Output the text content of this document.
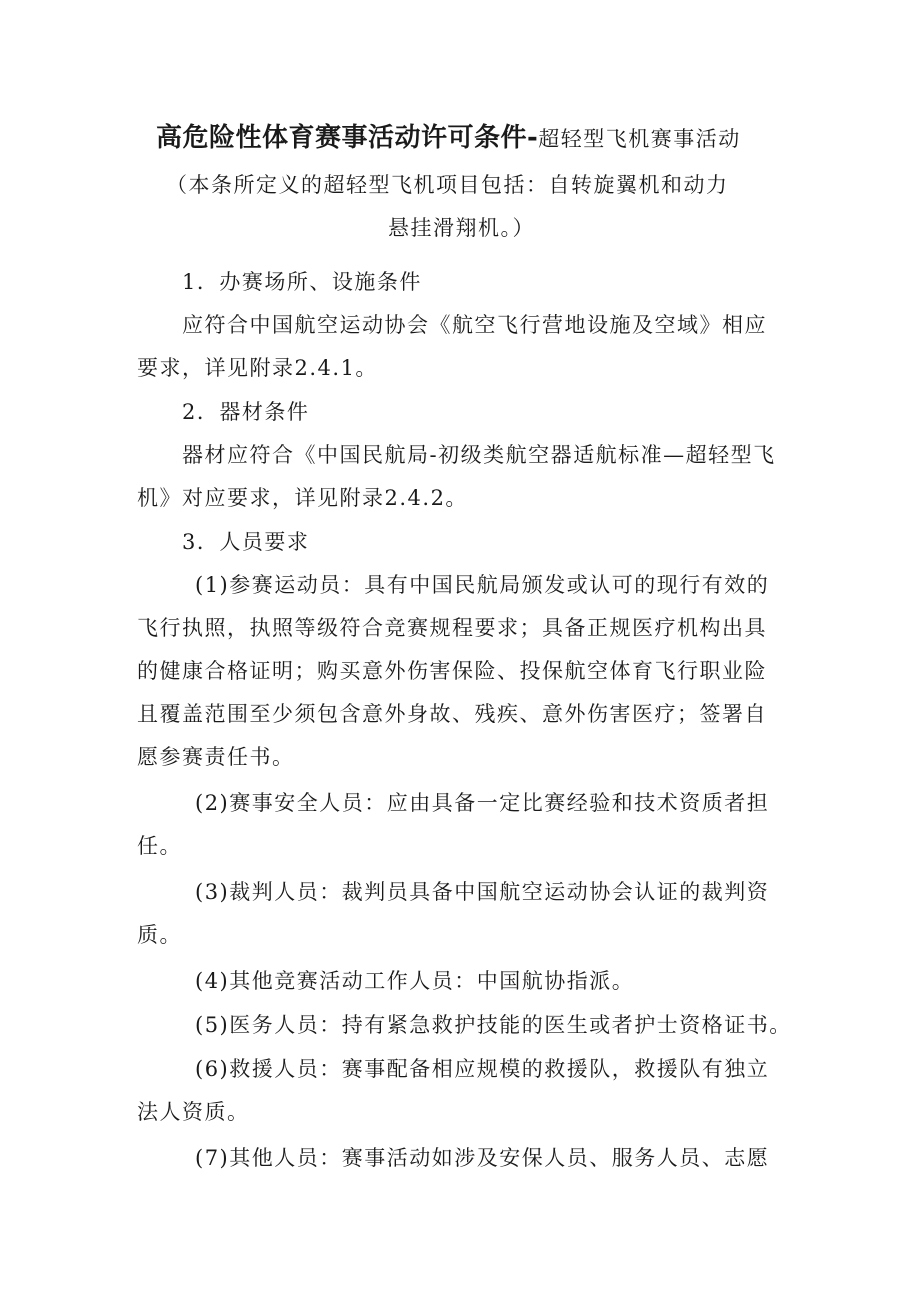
高危险性体育赛事活动许可条件-超轻型飞机赛事活动
（本条所定义的超轻型飞机项目包括：自转旋翼机和动力
悬挂滑翔机。）
1．办赛场所、设施条件
应符合中国航空运动协会《航空飞行营地设施及空域》相应
要求，详见附录2.4.1。
2．器材条件
器材应符合《中国民航局-初级类航空器适航标准—超轻型飞
机》对应要求，详见附录2.4.2。
3．人员要求
(1)参赛运动员：具有中国民航局颁发或认可的现行有效的
飞行执照，执照等级符合竞赛规程要求；具备正规医疗机构出具
的健康合格证明；购买意外伤害保险、投保航空体育飞行职业险
且覆盖范围至少须包含意外身故、残疾、意外伤害医疗；签署自
愿参赛责任书。
(2)赛事安全人员：应由具备一定比赛经验和技术资质者担
任。
(3)裁判人员：裁判员具备中国航空运动协会认证的裁判资
质。
(4)其他竞赛活动工作人员：中国航协指派。
(5)医务人员：持有紧急救护技能的医生或者护士资格证书。
(6)救援人员：赛事配备相应规模的救援队，救援队有独立
法人资质。
(7)其他人员：赛事活动如涉及安保人员、服务人员、志愿
